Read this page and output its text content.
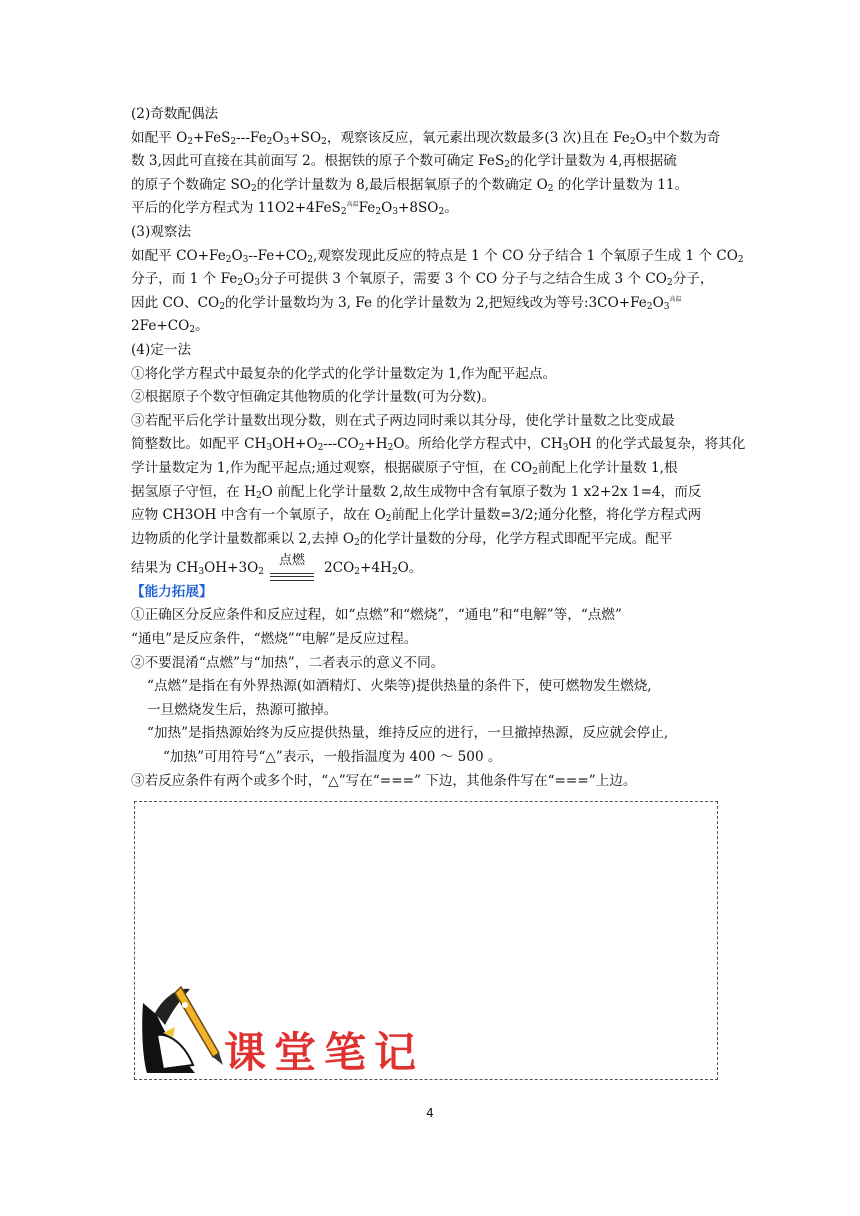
(2)奇数配偶法
如配平 $O_2+FeS_2---Fe_2O_3+SO_2$，观察该反应，氧元素出现次数最多(3 次)且在 $Fe_2O_3$中个数为奇
数 3,因此可直接在其前面写 2。根据铁的原子个数可确定 FeS$_2$的化学计量数为 4,再根据硫
的原子个数确定 $SO_2$的化学计量数为 8,最后根据氧原子的个数确定 $O_2$ 的化学计量数为 11。
平后的化学方程式为 11O2+4FeS$_2$高温$Fe_2O_3+8SO_2$。
(3)观察法
如配平 $CO+Fe_2O_3--Fe+CO_2$,观察发现此反应的特点是 1 个 CO 分子结合 1 个氧原子生成 1 个 $CO_2$
分子，而 1 个 $Fe_2O_3$分子可提供 3 个氧原子，需要 3 个 CO 分子与之结合生成 3 个 $CO_2$分子，
因此 CO、$CO_2$的化学计量数均为 3, Fe 的化学计量数为 2,把短线改为等号$:3CO+Fe_2O_3$高温
$2Fe+CO_2$。
(4)定一法
①将化学方程式中最复杂的化学式的化学计量数定为 1,作为配平起点。
②根据原子个数守恒确定其他物质的化学计量数(可为分数)。
③若配平后化学计量数出现分数，则在式子两边同时乘以其分母，使化学计量数之比变成最
简整数比。如配平 $CH_3OH+O_2---CO_2+H_2O$。所给化学方程式中，$CH_3OH$ 的化学式最复杂，将其化
学计量数定为 1,作为配平起点;通过观察，根据碳原子守恒，在 $CO_2$前配上化学计量数 1,根
据氢原子守恒，在 $H_2O$ 前配上化学计量数 2,故生成物中含有氧原子数为 1 x2+2x 1=4，而反
应物 CH3OH 中含有一个氧原子，故在 $O_2$前配上化学计量数=3/2;通分化整，将化学方程式两
边物质的化学计量数都乘以 2,去掉 $O_2$的化学计量数的分母，化学方程式即配平完成。配平
结果为 $CH_3OH+3O_2$
点燃	$2CO_2+4H_2O$。
【能力拓展】
①正确区分反应条件和反应过程，如“点燃”和“燃烧”，“通电”和“电解”等，“点燃”
“通电”是反应条件，“燃烧”“电解”是反应过程。
②不要混淆“点燃”与“加热”，二者表示的意义不同。
“点燃”是指在有外界热源(如酒精灯、火柴等)提供热量的条件下，使可燃物发生燃烧,
一旦燃烧发生后，热源可撤掉。
“加热”是指热源始终为反应提供热量，维持反应的进行，一旦撤掉热源，反应就会停止,
“加热”可用符号“△”表示，一般指温度为 400 ～ 500 。
③若反应条件有两个或多个时，“△”写在“===” 下边，其他条件写在“===”上边。
课堂笔记
4
